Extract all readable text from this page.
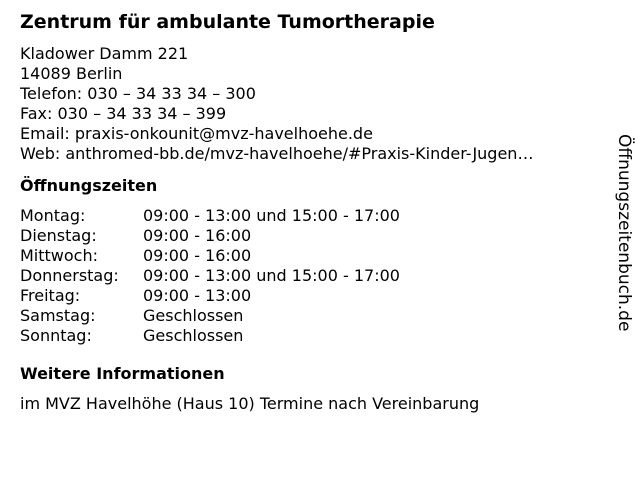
Zentrum für ambulante Tumortherapie
Kladower Damm 221
14089 Berlin
Telefon: 030 – 34 33 34 – 300
Fax: 030 – 34 33 34 – 399
Email: praxis-onkounit@mvz-havelhoehe.de
Web: anthromed-bb.de/mvz-havelhoehe/#Praxis-Kinder-Jugen…
Öffnungszeiten
Montag:	09:00 - 13:00 und 15:00 - 17:00
Dienstag:	09:00 - 16:00
Mittwoch:	09:00 - 16:00
Donnerstag:	09:00 - 13:00 und 15:00 - 17:00
Freitag:	09:00 - 13:00
Samstag:	Geschlossen
Sonntag:	Geschlossen
Weitere Informationen
im MVZ Havelhöhe (Haus 10) Termine nach Vereinbarung
Öffnungszeitenbuch.de
